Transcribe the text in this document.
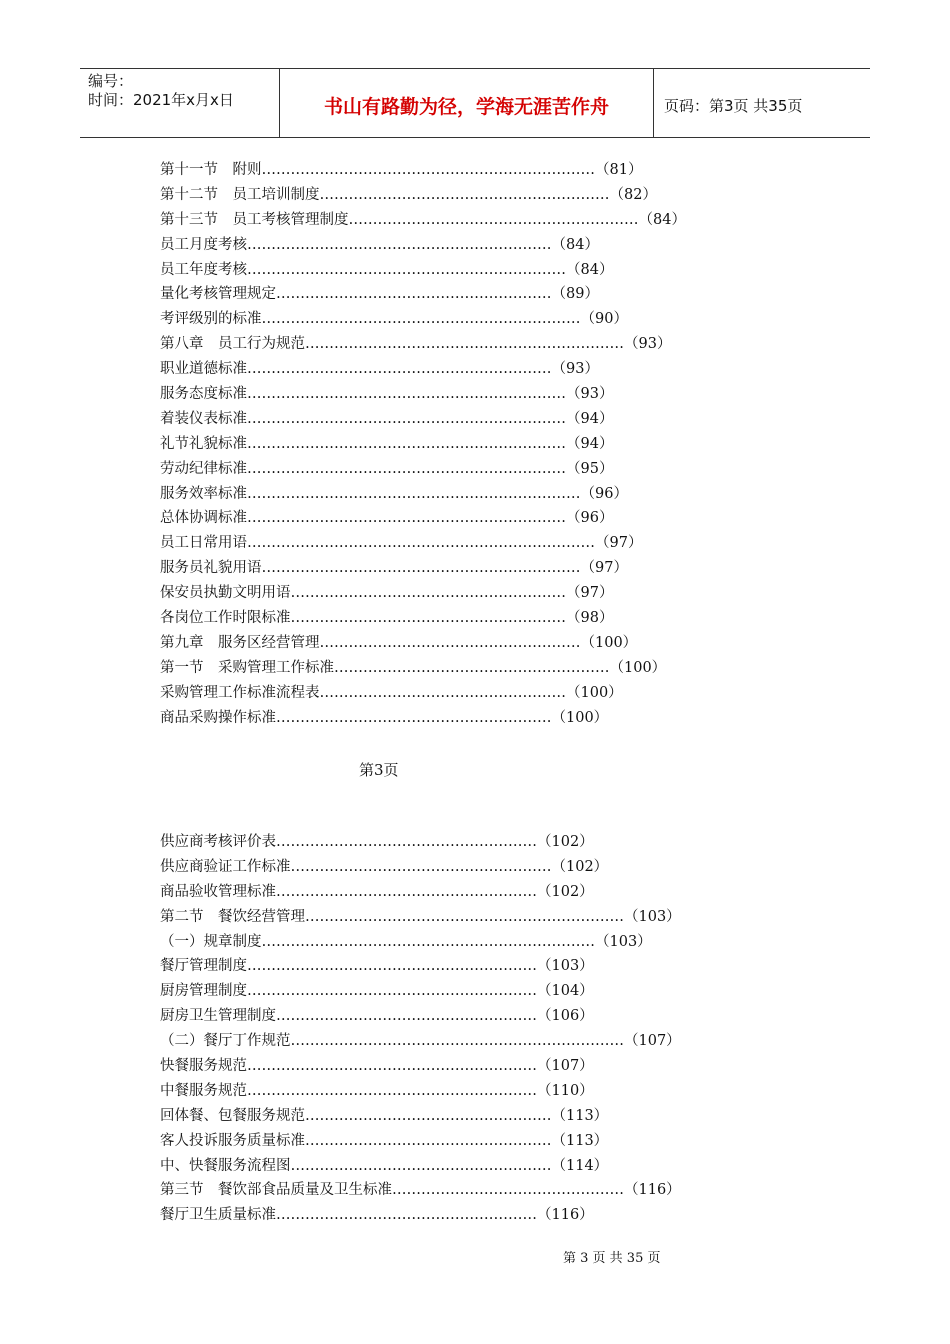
编号：
时间：2021年x月x日	书山有路勤为径，学海无涯苦作舟	页码：第3页 共35页
第十一节　附则……………………………………………………………（81）
第十二节　员工培训制度……………………………………………………（82）
第十三节　员工考核管理制度……………………………………………………（84）
员工月度考核………………………………………………………（84）
员工年度考核…………………………………………………………（84）
量化考核管理规定…………………………………………………（89）
考评级别的标准…………………………………………………………（90）
第八章　员工行为规范…………………………………………………………（93）
职业道德标准………………………………………………………（93）
服务态度标准…………………………………………………………（93）
着装仪表标准…………………………………………………………（94）
礼节礼貌标准…………………………………………………………（94）
劳动纪律标准…………………………………………………………（95）
服务效率标准……………………………………………………………（96）
总体协调标准…………………………………………………………（96）
员工日常用语………………………………………………………………（97）
服务员礼貌用语…………………………………………………………（97）
保安员执勤文明用语…………………………………………………（97）
各岗位工作时限标准…………………………………………………（98）
第九章　服务区经营管理………………………………………………（100）
第一节　采购管理工作标准…………………………………………………（100）
采购管理工作标准流程表……………………………………………（100）
商品采购操作标准…………………………………………………（100）
第3页
供应商考核评价表………………………………………………（102）
供应商验证工作标准………………………………………………（102）
商品验收管理标准………………………………………………（102）
第二节　餐饮经营管理…………………………………………………………（103）
（一）规章制度……………………………………………………………（103）
餐厅管理制度……………………………………………………（103）
厨房管理制度……………………………………………………（104）
厨房卫生管理制度………………………………………………（106）
（二）餐厅丁作规范……………………………………………………………（107）
快餐服务规范……………………………………………………（107）
中餐服务规范……………………………………………………（110）
回体餐、包餐服务规范……………………………………………（113）
客人投诉服务质量标准……………………………………………（113）
中、快餐服务流程图………………………………………………（114）
第三节　餐饮部食品质量及卫生标准…………………………………………（116）
餐厅卫生质量标准………………………………………………（116）
第 3 页 共 35 页
